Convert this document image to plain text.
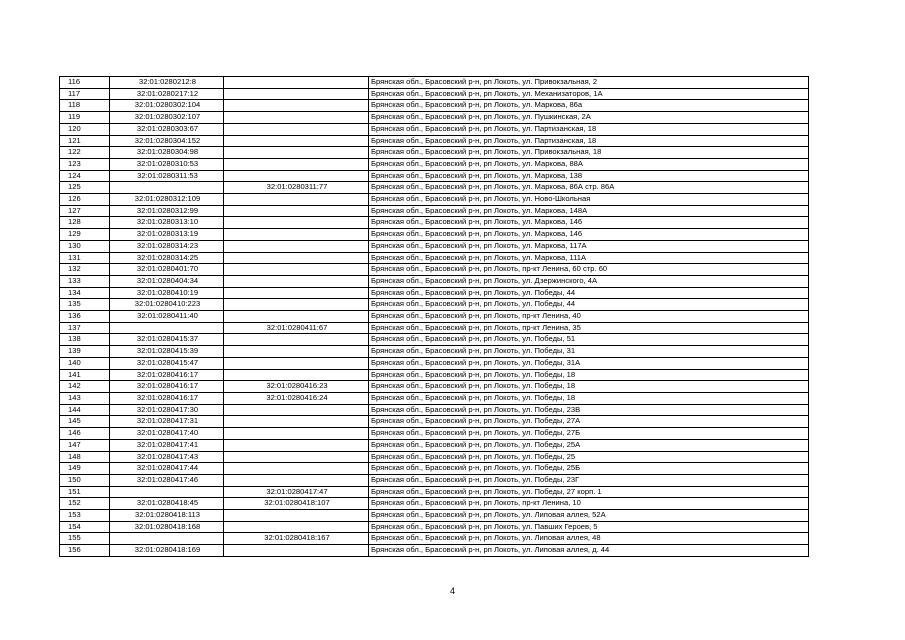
116	32:01:0280212:8		Брянская обл., Брасовский р-н, рп Локоть, ул. Привокзальная, 2
117	32:01:0280217:12		Брянская обл., Брасовский р-н, рп Локоть, ул. Механизаторов, 1А
118	32:01:0280302:104		Брянская обл., Брасовский р-н, рп Локоть, ул. Маркова, 86а
119	32:01:0280302:107		Брянская обл., Брасовский р-н, рп Локоть, ул. Пушкинская, 2А
120	32:01:0280303:67		Брянская обл., Брасовский р-н, рп Локоть, ул. Партизанская, 18
121	32:01:0280304:152		Брянская обл., Брасовский р-н, рп Локоть, ул. Партизанская, 18
122	32:01:0280304:98		Брянская обл., Брасовский р-н, рп Локоть, ул. Привокзальная, 18
123	32:01:0280310:53		Брянская обл., Брасовский р-н, рп Локоть, ул. Маркова, 88А
124	32:01:0280311:53		Брянская обл., Брасовский р-н, рп Локоть, ул. Маркова, 138
125		32:01:0280311:77	Брянская обл., Брасовский р-н, рп Локоть, ул. Маркова, 86А стр. 86А
126	32:01:0280312:109		Брянская обл., Брасовский р-н, рп Локоть, ул. Ново-Школьная
127	32:01:0280312:99		Брянская обл., Брасовский р-н, рп Локоть, ул. Маркова, 148А
128	32:01:0280313:10		Брянская обл., Брасовский р-н, рп Локоть, ул. Маркова, 146
129	32:01:0280313:19		Брянская обл., Брасовский р-н, рп Локоть, ул. Маркова, 146
130	32:01:0280314:23		Брянская обл., Брасовский р-н, рп Локоть, ул. Маркова, 117А
131	32:01:0280314:25		Брянская обл., Брасовский р-н, рп Локоть, ул. Маркова, 111А
132	32:01:0280401:70		Брянская обл., Брасовский р-н, рп Локоть, пр-кт Ленина, 60 стр. 60
133	32:01:0280404:34		Брянская обл., Брасовский р-н, рп Локоть, ул. Дзержинского, 4А
134	32:01:0280410:19		Брянская обл., Брасовский р-н, рп Локоть, ул. Победы, 44
135	32:01:0280410:223		Брянская обл., Брасовский р-н, рп Локоть, ул. Победы, 44
136	32:01:0280411:40		Брянская обл., Брасовский р-н, рп Локоть, пр-кт Ленина, 40
137		32:01:0280411:67	Брянская обл., Брасовский р-н, рп Локоть, пр-кт Ленина, 35
138	32:01:0280415:37		Брянская обл., Брасовский р-н, рп Локоть, ул. Победы, 51
139	32:01:0280415:39		Брянская обл., Брасовский р-н, рп Локоть, ул. Победы, 31
140	32:01:0280415:47		Брянская обл., Брасовский р-н, рп Локоть, ул. Победы, 31А
141	32:01:0280416:17		Брянская обл., Брасовский р-н, рп Локоть, ул. Победы, 18
142	32:01:0280416:17	32:01:0280416:23	Брянская обл., Брасовский р-н, рп Локоть, ул. Победы, 18
143	32:01:0280416:17	32:01:0280416:24	Брянская обл., Брасовский р-н, рп Локоть, ул. Победы, 18
144	32:01:0280417:30		Брянская обл., Брасовский р-н, рп Локоть, ул. Победы, 23В
145	32:01:0280417:31		Брянская обл., Брасовский р-н, рп Локоть, ул. Победы, 27А
146	32:01:0280417:40		Брянская обл., Брасовский р-н, рп Локоть, ул. Победы, 27Б
147	32:01:0280417:41		Брянская обл., Брасовский р-н, рп Локоть, ул. Победы, 25А
148	32:01:0280417:43		Брянская обл., Брасовский р-н, рп Локоть, ул. Победы, 25
149	32:01:0280417:44		Брянская обл., Брасовский р-н, рп Локоть, ул. Победы, 25Б
150	32:01:0280417:46		Брянская обл., Брасовский р-н, рп Локоть, ул. Победы, 23Г
151		32:01:0280417:47	Брянская обл., Брасовский р-н, рп Локоть, ул. Победы, 27 корп. 1
152	32:01:0280418:45	32:01:0280418:107	Брянская обл., Брасовский р-н, рп Локоть, пр-кт Ленина, 10
153	32:01:0280418:113		Брянская обл., Брасовский р-н, рп Локоть, ул. Липовая аллея, 52А
154	32:01:0280418:168		Брянская обл., Брасовский р-н, рп Локоть, ул. Павших Героев, 5
155		32:01:0280418:167	Брянская обл., Брасовский р-н, рп Локоть, ул. Липовая аллея, 48
156	32:01:0280418:169		Брянская обл., Брасовский р-н, рп Локоть, ул. Липовая аллея, д. 44
4
